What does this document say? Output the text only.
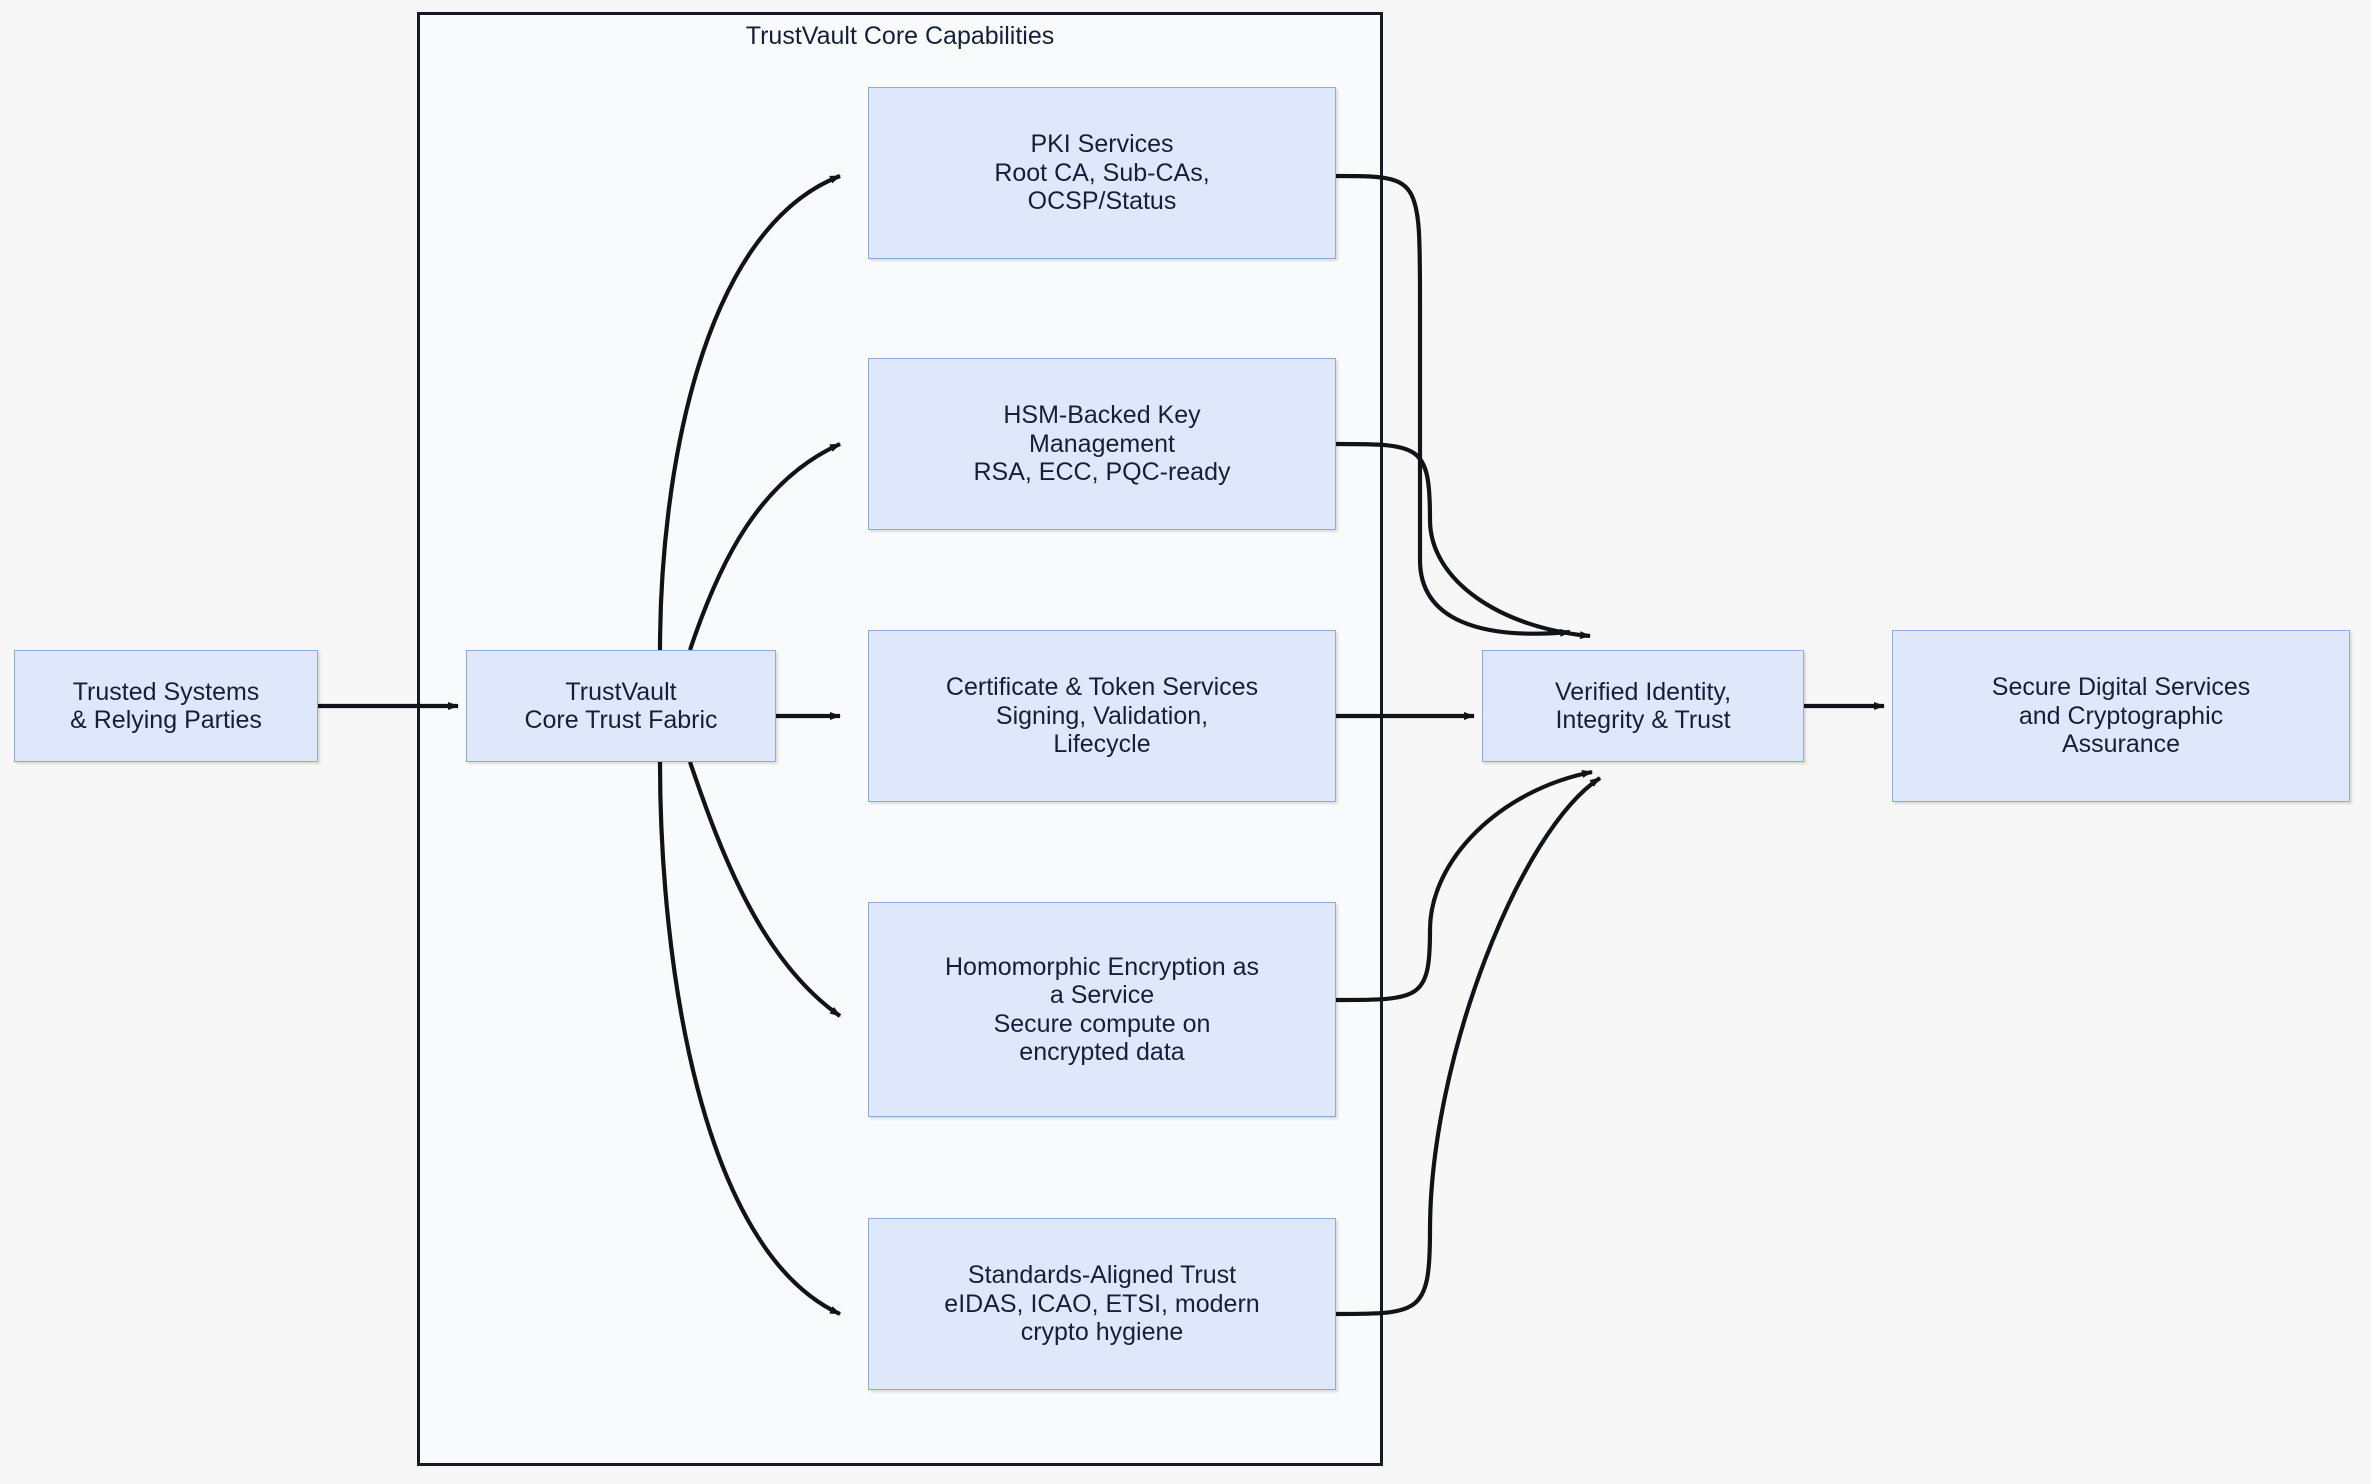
TrustVault Core Capabilities
Trusted Systems
& Relying Parties
TrustVault
Core Trust Fabric
PKI Services
Root CA, Sub-CAs,
OCSP/Status
HSM-Backed Key
Management
RSA, ECC, PQC-ready
Certificate & Token Services
Signing, Validation,
Lifecycle
Homomorphic Encryption as
a Service
Secure compute on
encrypted data
Standards-Aligned Trust
eIDAS, ICAO, ETSI, modern
crypto hygiene
Verified Identity,
Integrity & Trust
Secure Digital Services
and Cryptographic
Assurance
